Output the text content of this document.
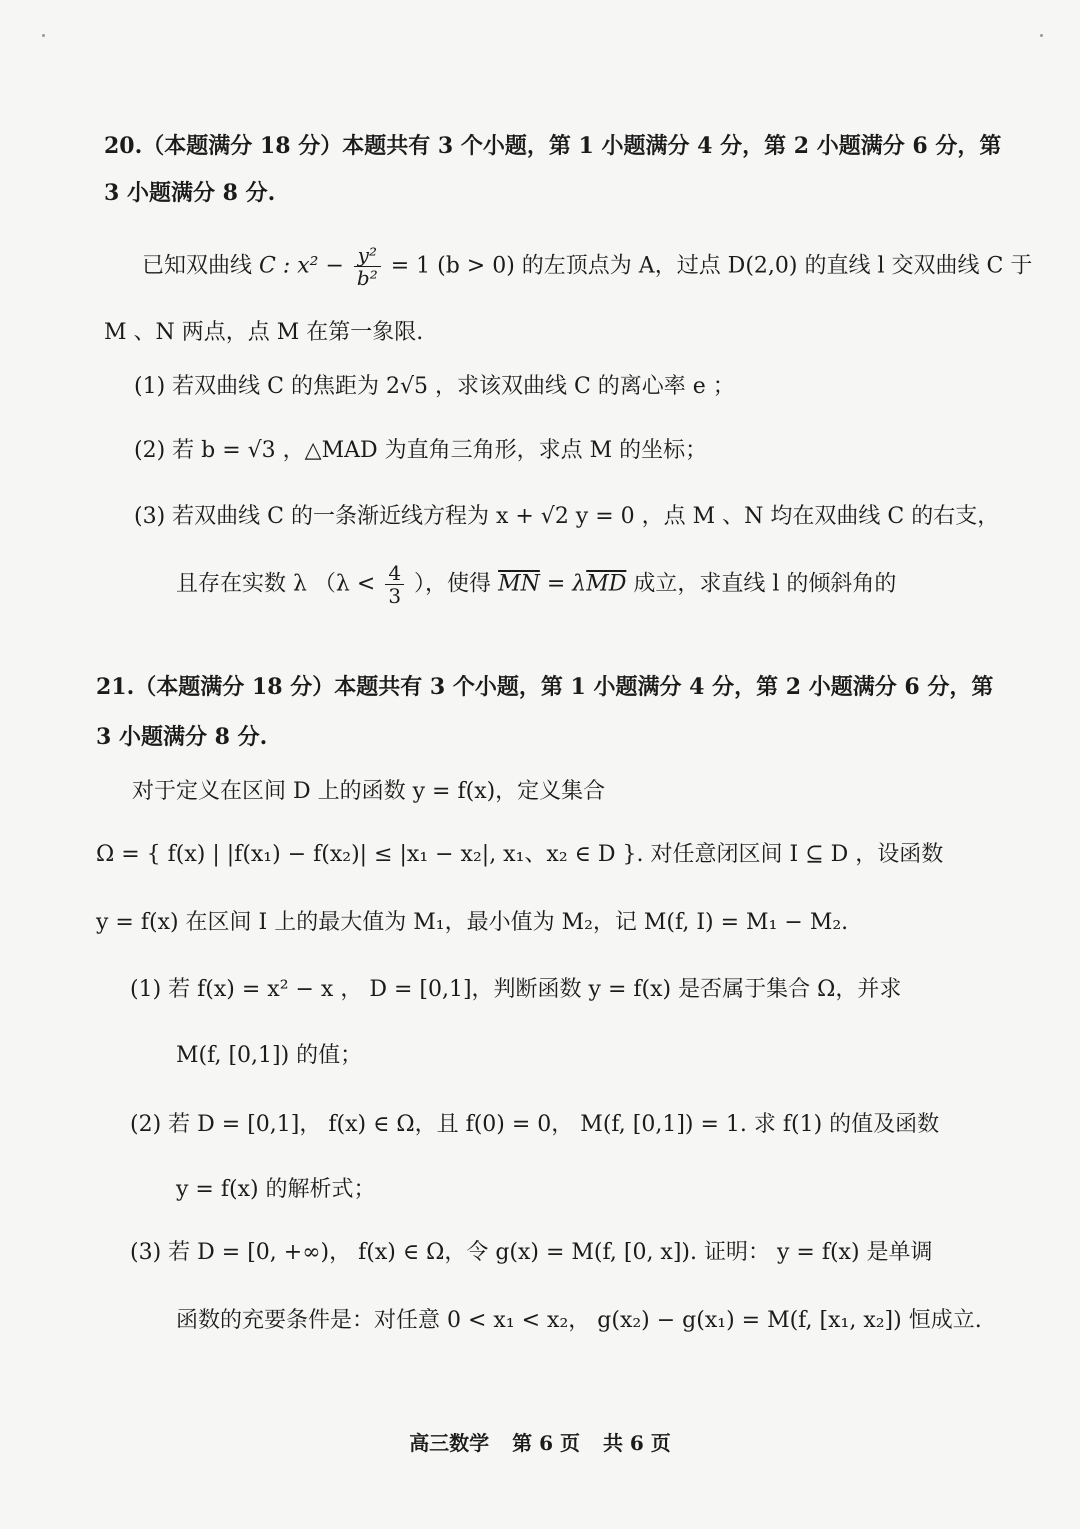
20.（本题满分 18 分）本题共有 3 个小题，第 1 小题满分 4 分，第 2 小题满分 6 分，第
3 小题满分 8 分.
已知双曲线 C : $x^2 - \frac{\text{y²}}{\text{b²}} = 1$ (b > 0) 的左顶点为 A，过点 D(2,0) 的直线 l 交双曲线 C 于
M 、N 两点，点 M 在第一象限.
(1) 若双曲线 C 的焦距为 2√5 ，求该双曲线 C 的离心率 e ；
(2) 若 b = √3 ，△MAD 为直角三角形，求点 M 的坐标；
(3) 若双曲线 C 的一条渐近线方程为 x + √2 y = 0 ，点 M 、N 均在双曲线 C 的右支，
且存在实数 λ （$\lambda < \frac{4}{3}$ ），使得 $\overline{MN} = \lambda\overline{MD}$ 成立，求直线 l 的倾斜角的
21.（本题满分 18 分）本题共有 3 个小题，第 1 小题满分 4 分，第 2 小题满分 6 分，第
3 小题满分 8 分.
对于定义在区间 D 上的函数 y = f(x)，定义集合
Ω = { f(x) | |f(x₁) − f(x₂)| ≤ |x₁ − x₂|, x₁、x₂ ∈ D }. 对任意闭区间 I ⊆ D ，设函数
y = f(x) 在区间 I 上的最大值为 M₁，最小值为 M₂，记 M(f, I) = M₁ − M₂.
(1) 若 f(x) = x² − x ， D = [0,1]，判断函数 y = f(x) 是否属于集合 Ω，并求
M(f, [0,1]) 的值；
(2) 若 D = [0,1]， f(x) ∈ Ω，且 f(0) = 0， M(f, [0,1]) = 1. 求 f(1) 的值及函数
y = f(x) 的解析式；
(3) 若 D = [0, +∞)， f(x) ∈ Ω，令 g(x) = M(f, [0, x]). 证明： y = f(x) 是单调
函数的充要条件是：对任意 0 < x₁ < x₂， g(x₂) − g(x₁) = M(f, [x₁, x₂]) 恒成立.
高三数学 第 6 页 共 6 页
